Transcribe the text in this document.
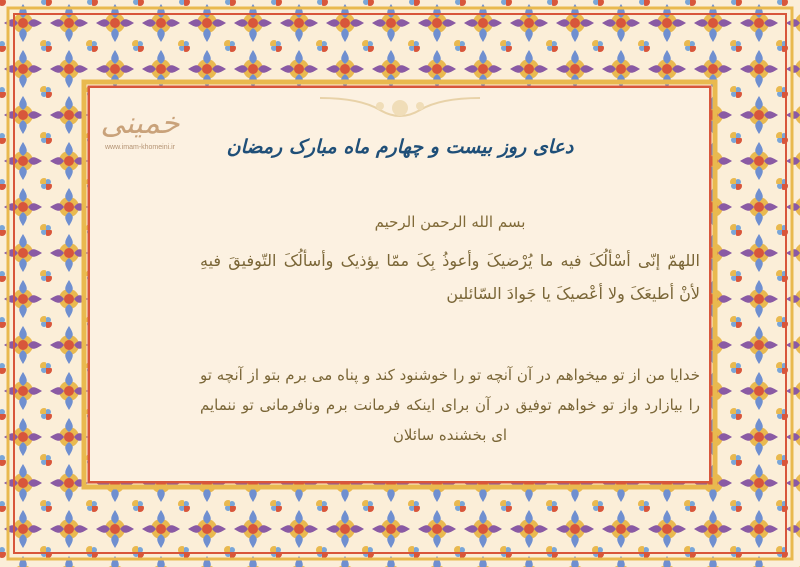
خمینی
www.imam-khomeini.ir	دعای روز بیست و چهارم ماه مبارک رمضان
بسم الله الرحمن الرحیم
اللهمّ إنّی أسْألُکَ فیه ما یُرْضیکَ وأعوذُ بِکَ ممّا یؤذیک وأسألُکَ التّوفیقَ فیهِ لأنْ أطیعَکَ ولا أعْصیکَ یا جَوادَ السّائلین
خدایا من از تو میخواهم در آن آنچه تو را خوشنود کند و پناه می برم بتو از آنچه تو را بیازارد واز تو خواهم توفیق در آن برای اینکه فرمانت برم ونافرمانی تو ننمایم ای بخشنده سائلان
